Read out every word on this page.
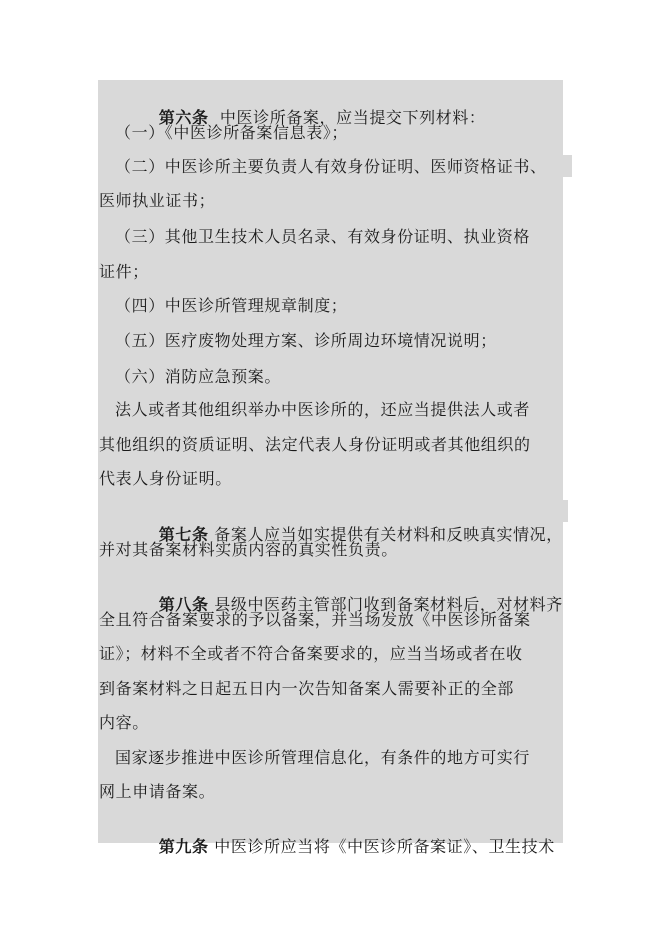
第六条  中医诊所备案，应当提交下列材料：

（一）《中医诊所备案信息表》；
（二）中医诊所主要负责人有效身份证明、医师资格证书、
医师执业证书；
（三）其他卫生技术人员名录、有效身份证明、执业资格
证件；
（四）中医诊所管理规章制度；
（五）医疗废物处理方案、诊所周边环境情况说明；
（六）消防应急预案。
法人或者其他组织举办中医诊所的，还应当提供法人或者
其他组织的资质证明、法定代表人身份证明或者其他组织的
代表人身份证明。

第七条 备案人应当如实提供有关材料和反映真实情况，

并对其备案材料实质内容的真实性负责。

第八条 县级中医药主管部门收到备案材料后，对材料齐

全且符合备案要求的予以备案，并当场发放《中医诊所备案
证》；材料不全或者不符合备案要求的，应当当场或者在收
到备案材料之日起五日内一次告知备案人需要补正的全部
内容。
国家逐步推进中医诊所管理信息化，有条件的地方可实行
网上申请备案。

第九条 中医诊所应当将《中医诊所备案证》、卫生技术
